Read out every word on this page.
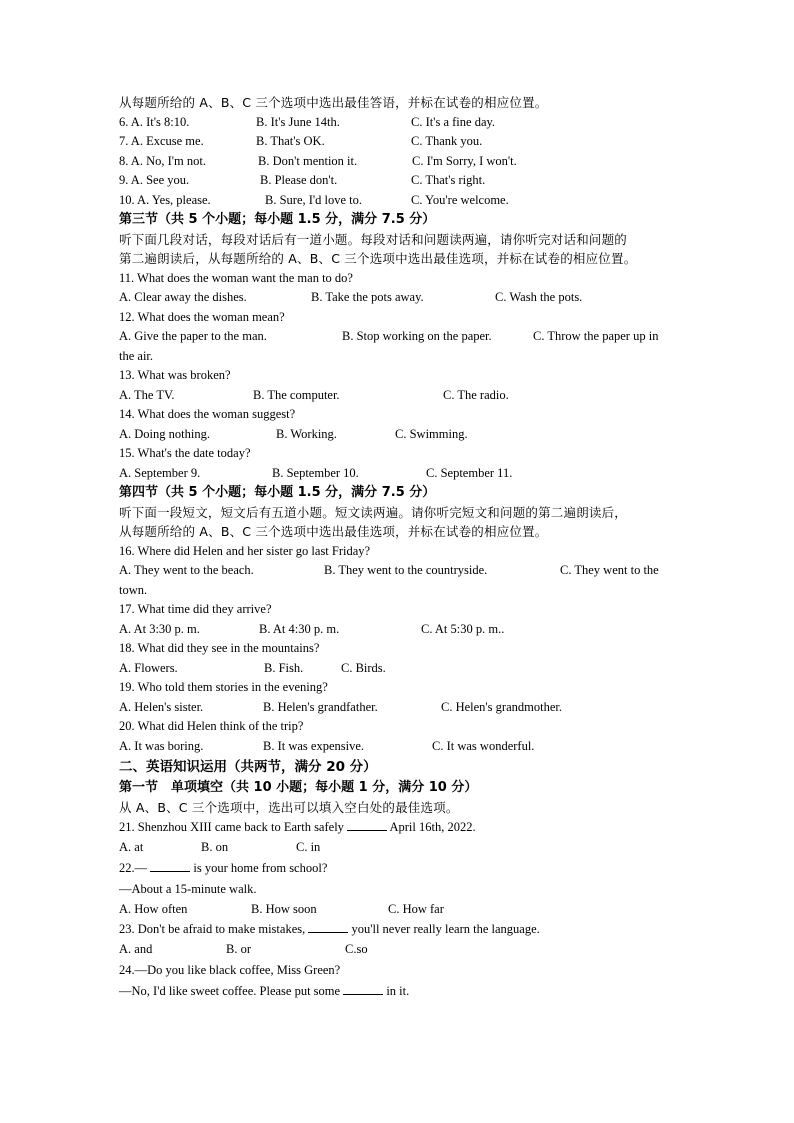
从每题所给的 A、B、C 三个选项中选出最佳答语，并标在试卷的相应位置。
6. A. It's 8:10.	B. It's June 14th.	C. It's a fine day.
7. A. Excuse me.	B. That's OK.	C. Thank you.
8. A. No, I'm not.	B. Don't mention it.	C. I'm Sorry, I won't.
9. A. See you.	B. Please don't.	C. That's right.
10. A. Yes, please.	B. Sure, I'd love to.	C. You're welcome.
第三节（共 5 个小题；每小题 1.5 分，满分 7.5 分）
听下面几段对话，每段对话后有一道小题。每段对话和问题读两遍，请你听完对话和问题的
第二遍朗读后，从每题所给的 A、B、C 三个选项中选出最佳选项，并标在试卷的相应位置。
11. What does the woman want the man to do?
A. Clear away the dishes.	B. Take the pots away.	C. Wash the pots.
12. What does the woman mean?
A. Give the paper to the man.	B. Stop working on the paper.	C. Throw the paper up in
the air.
13. What was broken?
A. The TV.	B. The computer.	C. The radio.
14. What does the woman suggest?
A. Doing nothing.	B. Working.	C. Swimming.
15. What's the date today?
A. September 9.	B. September 10.	C. September 11.
第四节（共 5 个小题；每小题 1.5 分，满分 7.5 分）
听下面一段短文，短文后有五道小题。短文读两遍。请你听完短文和问题的第二遍朗读后，
从每题所给的 A、B、C 三个选项中选出最佳选项，并标在试卷的相应位置。
16. Where did Helen and her sister go last Friday?
A. They went to the beach.	B. They went to the countryside.	C. They went to the
town.
17. What time did they arrive?
A. At 3:30 p. m.	B. At 4:30 p. m.	C. At 5:30 p. m..
18. What did they see in the mountains?
A. Flowers.	B. Fish.	C. Birds.
19. Who told them stories in the evening?
A. Helen's sister.	B. Helen's grandfather.	C. Helen's grandmother.
20. What did Helen think of the trip?
A. It was boring.	B. It was expensive.	C. It was wonderful.
二、英语知识运用（共两节，满分 20 分）
第一节　单项填空（共 10 小题；每小题 1 分，满分 10 分）
从 A、B、C 三个选项中，选出可以填入空白处的最佳选项。
21. Shenzhou XIII came back to Earth safely	April 16th, 2022.
A. at	B. on	C. in
22.—	is your home from school?
—About a 15-minute walk.
A. How often	B. How soon	C. How far
23. Don't be afraid to make mistakes,	you'll never really learn the language.
A. and	B. or	C.so
24.—Do you like black coffee, Miss Green?
—No, I'd like sweet coffee. Please put some	in it.
